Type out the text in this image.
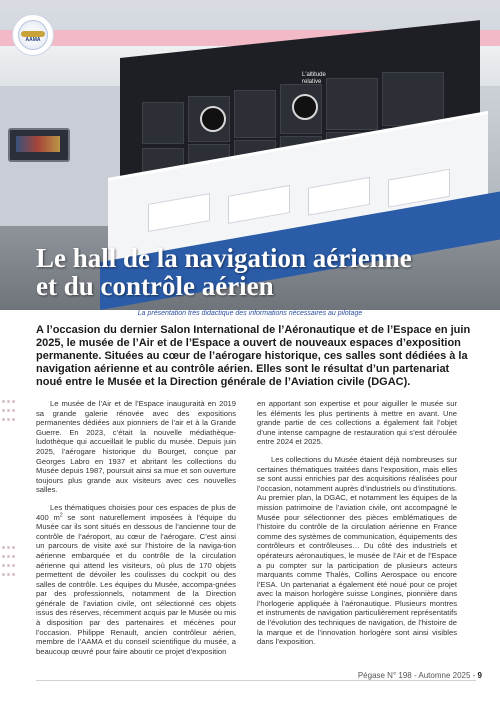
L'altitude
relative
AAMA
Le hall de la navigation aérienne
et du contrôle aérien
La présentation très didactique des informations nécessaires au pilotage

A l’occasion du dernier Salon International de l’Aéronautique et de l’Espace en juin 2025, le musée de l’Air et de l’Espace a ouvert de nouveaux espaces d’exposition permanente. Situées au cœur de l’aérogare historique, ces salles sont dédiées à la navigation aérienne et au contrôle aérien. Elles sont le résultat d’un partenariat noué entre le Musée et la Direction générale de l’Aviation civile (DGAC).

Le musée de l’Air et de l’Espace inauguraità en 2019 sa grande galerie rénovée avec des expositions permanentes dédiées aux pionniers de l’air et à la Grande Guerre. En 2023, c’était la nouvelle médiathèque-ludothèque qui accueillait le public du musée. Depuis juin 2025, l’aérogare historique du Bourget, conçue par Georges Labro en 1937 et abritant les collections du Musée depuis 1987, poursuit ainsi sa mue et son ouverture toujours plus grande aux visiteurs avec ces nouvelles salles.

Les thématiques choisies pour ces espaces de plus de 400 $m^2$ se sont naturellement imposées à l’équipe du Musée car ils sont situés en dessous de l’ancienne tour de contrôle de l’aéroport, au cœur de l’aérogare. C’est ainsi un parcours de visite axé sur l’histoire de la naviga-tion aérienne embarquée et du contrôle de la circulation aérienne qui attend les visiteurs, où plus de 170 objets permettent de dévoiler les coulisses du cockpit ou des salles de contrôle. Les équipes du Musée, accompa-gnées par des professionnels, notamment de la Direction générale de l’aviation civile, ont sélectionné ces objets issus des réserves, récemment acquis par le Musée ou mis à disposition par des partenaires et mécènes pour l’occasion. Philippe Renault, ancien contrôleur aérien, membre de l’AAMA et du conseil scientifique du musée, a beaucoup œuvré pour faire aboutir ce projet d’exposition

en apportant son expertise et pour aiguiller le musée sur les éléments les plus pertinents à mettre en avant. Une grande partie de ces collections a également fait l’objet d’une intense campagne de restauration qui s’est déroulée entre 2024 et 2025.

Les collections du Musée étaient déjà nombreuses sur certaines thématiques traitées dans l’exposition, mais elles se sont aussi enrichies par des acquisitions réalisées pour l’occasion, notamment auprès d’industriels ou d’institutions. Au premier plan, la DGAC, et notamment les équipes de la mission patrimoine de l’aviation civile, ont accompagné le Musée pour sélectionner des pièces emblématiques de l’histoire du contrôle de la circulation aérienne en France comme des systèmes de communication, équipements des contrôleurs et contrôleuses… Du côté des industriels et opérateurs aéronautiques, le musée de l’Air et de l’Espace a pu compter sur la participation de plusieurs acteurs marquants comme Thalès, Collins Aerospace ou encore l’ESA. Un partenariat a également été noué pour ce projet avec la maison horlogère suisse Longines, pionnière dans l’horlogerie appliquée à l’aéronautique. Plusieurs montres et instruments de navigation particulièrement représentatifs de l’évolution des techniques de navigation, de l’histoire de la marque et de l’innovation horlogère sont ainsi visibles dans l’exposition.

Pégase N° 198 - Automne 2025 - 9
